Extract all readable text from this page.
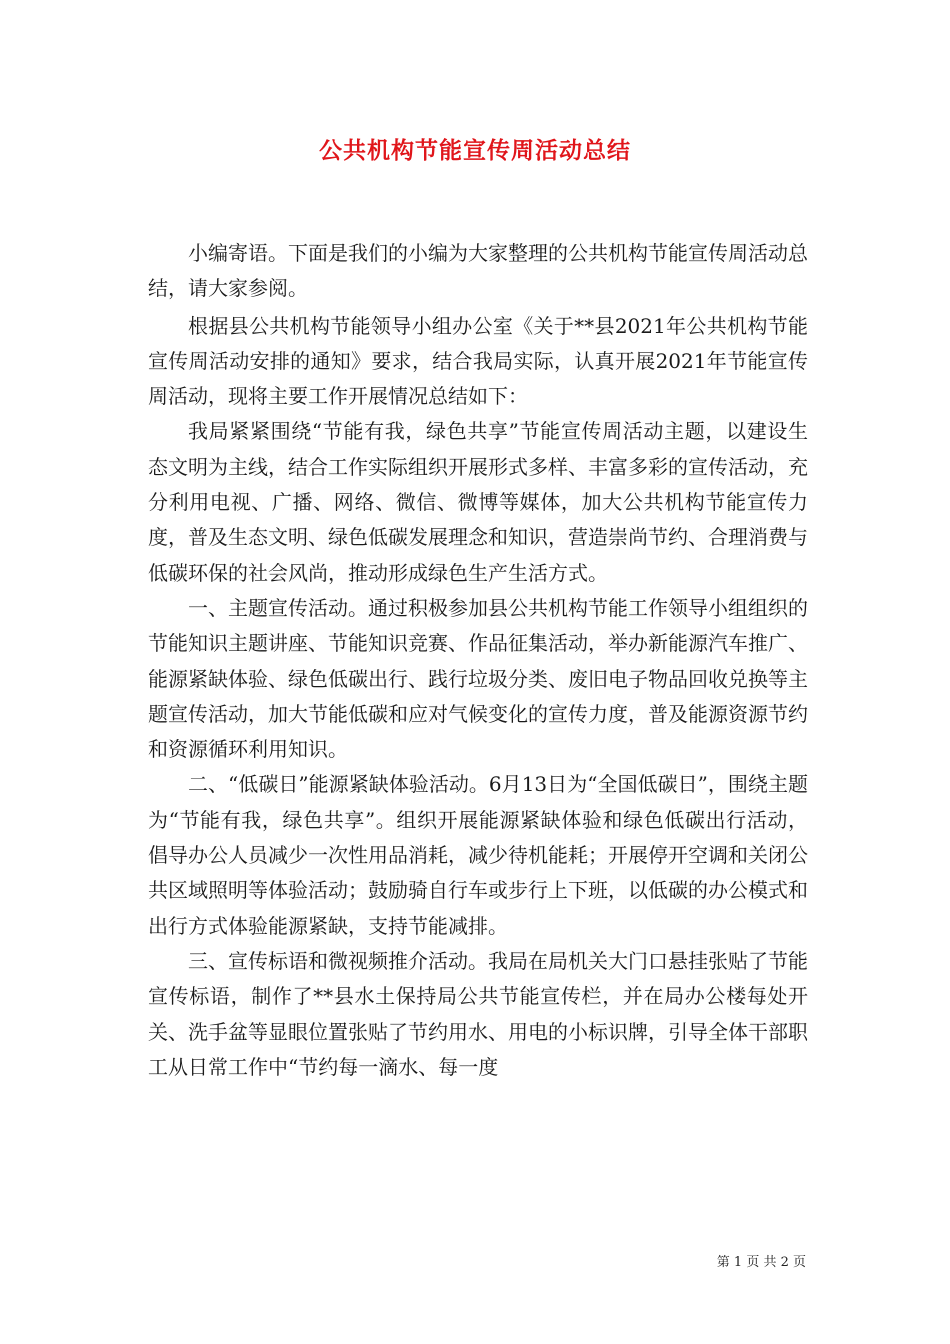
公共机构节能宣传周活动总结

小编寄语。下面是我们的小编为大家整理的公共机构节能宣传周活动总结，请大家参阅。

根据县公共机构节能领导小组办公室《关于**县2021年公共机构节能宣传周活动安排的通知》要求，结合我局实际，认真开展2021年节能宣传周活动，现将主要工作开展情况总结如下：

我局紧紧围绕“节能有我，绿色共享”节能宣传周活动主题，以建设生态文明为主线，结合工作实际组织开展形式多样、丰富多彩的宣传活动，充分利用电视、广播、网络、微信、微博等媒体，加大公共机构节能宣传力度，普及生态文明、绿色低碳发展理念和知识，营造崇尚节约、合理消费与低碳环保的社会风尚，推动形成绿色生产生活方式。

一、主题宣传活动。通过积极参加县公共机构节能工作领导小组组织的节能知识主题讲座、节能知识竞赛、作品征集活动，举办新能源汽车推广、能源紧缺体验、绿色低碳出行、践行垃圾分类、废旧电子物品回收兑换等主题宣传活动，加大节能低碳和应对气候变化的宣传力度，普及能源资源节约和资源循环利用知识。

二、“低碳日”能源紧缺体验活动。6月13日为“全国低碳日”，围绕主题为“节能有我，绿色共享”。组织开展能源紧缺体验和绿色低碳出行活动，倡导办公人员减少一次性用品消耗，减少待机能耗；开展停开空调和关闭公共区域照明等体验活动；鼓励骑自行车或步行上下班，以低碳的办公模式和出行方式体验能源紧缺，支持节能减排。

三、宣传标语和微视频推介活动。我局在局机关大门口悬挂张贴了节能宣传标语，制作了**县水土保持局公共节能宣传栏，并在局办公楼每处开关、洗手盆等显眼位置张贴了节约用水、用电的小标识牌，引导全体干部职工从日常工作中“节约每一滴水、每一度

第 1 页 共 2 页
